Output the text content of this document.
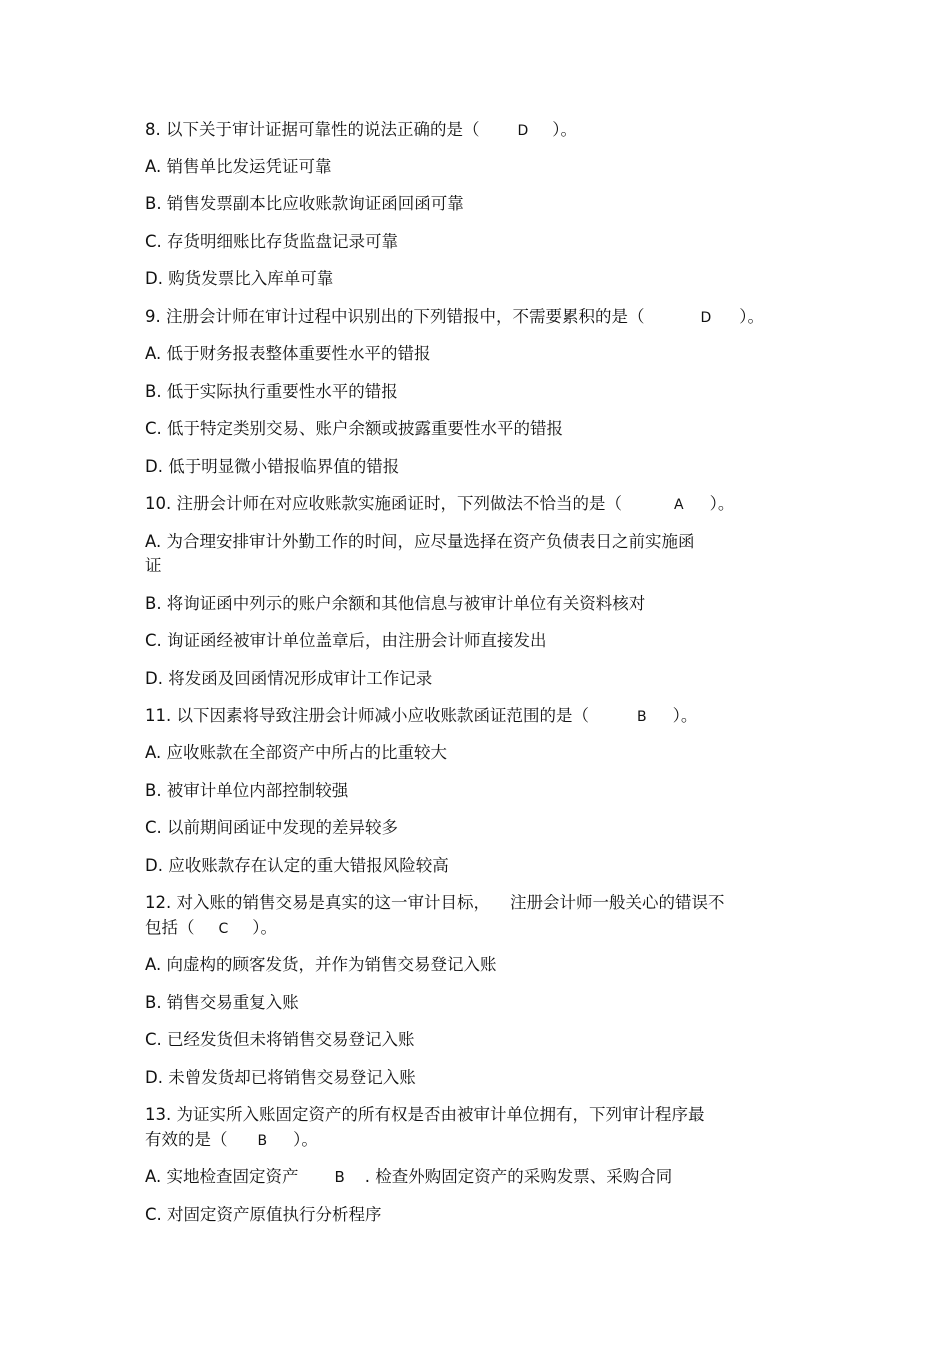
8. 以下关于审计证据可靠性的说法正确的是（	D ）。
A. 销售单比发运凭证可靠
B. 销售发票副本比应收账款询证函回函可靠
C. 存货明细账比存货监盘记录可靠
D. 购货发票比入库单可靠
9. 注册会计师在审计过程中识别出的下列错报中，不需要累积的是（	D ）。
A. 低于财务报表整体重要性水平的错报
B. 低于实际执行重要性水平的错报
C. 低于特定类别交易、账户余额或披露重要性水平的错报
D. 低于明显微小错报临界值的错报
10. 注册会计师在对应收账款实施函证时，下列做法不恰当的是（	A ）。
A. 为合理安排审计外勤工作的时间，应尽量选择在资产负债表日之前实施函
证
B. 将询证函中列示的账户余额和其他信息与被审计单位有关资料核对
C. 询证函经被审计单位盖章后，由注册会计师直接发出
D. 将发函及回函情况形成审计工作记录
11. 以下因素将导致注册会计师减小应收账款函证范围的是（	B ）。
A. 应收账款在全部资产中所占的比重较大
B. 被审计单位内部控制较强
C. 以前期间函证中发现的差异较多
D. 应收账款存在认定的重大错报风险较高
12. 对入账的销售交易是真实的这一审计目标， 注册会计师一般关心的错误不
包括（ C ）。
A. 向虚构的顾客发货，并作为销售交易登记入账
B. 销售交易重复入账
C. 已经发货但未将销售交易登记入账
D. 未曾发货却已将销售交易登记入账
13. 为证实所入账固定资产的所有权是否由被审计单位拥有，下列审计程序最
有效的是（ B ）。
A. 实地检查固定资产 B . 检查外购固定资产的采购发票、采购合同
C. 对固定资产原值执行分析程序
